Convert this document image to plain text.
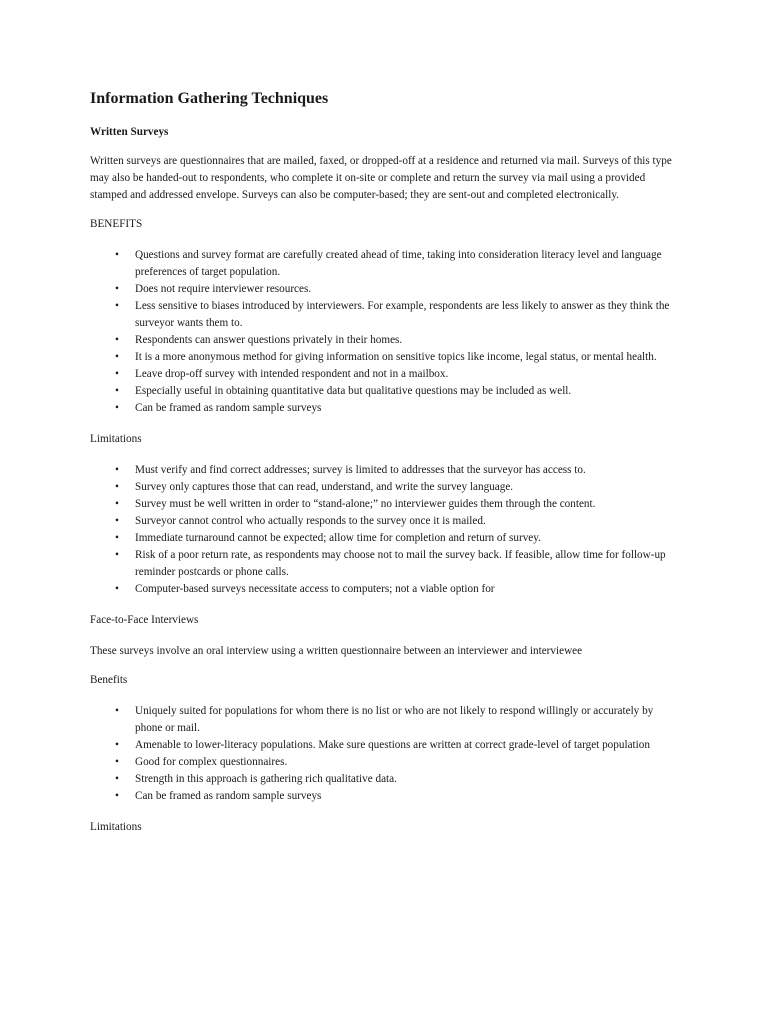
Information Gathering Techniques
Written Surveys
Written surveys are questionnaires that are mailed, faxed, or dropped-off at a residence and returned via mail. Surveys of this type may also be handed-out to respondents, who complete it on-site or complete and return the survey via mail using a provided stamped and addressed envelope. Surveys can also be computer-based; they are sent-out and completed electronically.
BENEFITS
• Questions and survey format are carefully created ahead of time, taking into consideration literacy level and language preferences of target population.
• Does not require interviewer resources.
• Less sensitive to biases introduced by interviewers. For example, respondents are less likely to answer as they think the surveyor wants them to.
• Respondents can answer questions privately in their homes.
• It is a more anonymous method for giving information on sensitive topics like income, legal status, or mental health.
• Leave drop-off survey with intended respondent and not in a mailbox.
• Especially useful in obtaining quantitative data but qualitative questions may be included as well.
• Can be framed as random sample surveys
Limitations
• Must verify and find correct addresses; survey is limited to addresses that the surveyor has access to.
• Survey only captures those that can read, understand, and write the survey language.
• Survey must be well written in order to “stand-alone;” no interviewer guides them through the content.
• Surveyor cannot control who actually responds to the survey once it is mailed.
• Immediate turnaround cannot be expected; allow time for completion and return of survey.
• Risk of a poor return rate, as respondents may choose not to mail the survey back. If feasible, allow time for follow-up reminder postcards or phone calls.
• Computer-based surveys necessitate access to computers; not a viable option for
Face-to-Face Interviews
These surveys involve an oral interview using a written questionnaire between an interviewer and interviewee
Benefits
• Uniquely suited for populations for whom there is no list or who are not likely to respond willingly or accurately by phone or mail.
• Amenable to lower-literacy populations. Make sure questions are written at correct grade-level of target population
• Good for complex questionnaires.
• Strength in this approach is gathering rich qualitative data.
• Can be framed as random sample surveys
Limitations
